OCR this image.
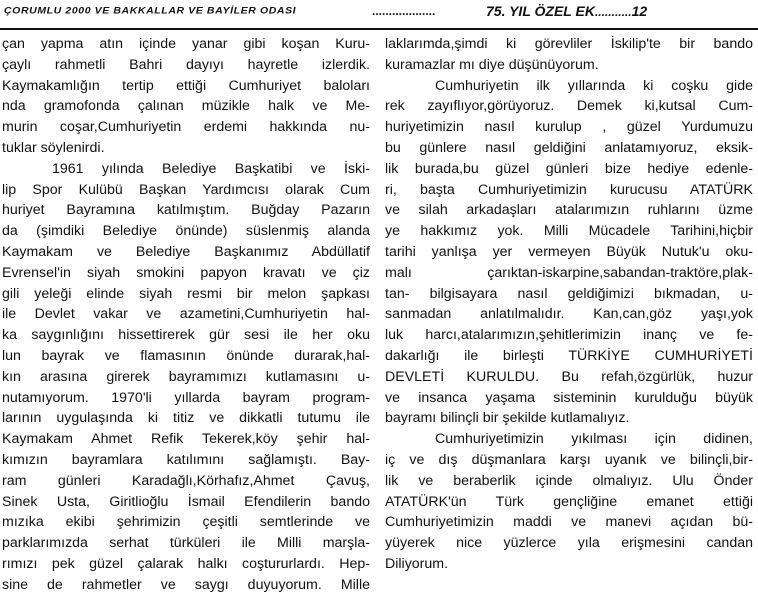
ÇORUMLU 2000 VE BAKKALLAR VE BAYİLER ODASI	...................	75. YIL ÖZEL EK...........12
çan yapma atın içinde yanar gibi koşan Kuru-
çaylı rahmetli Bahri dayıyı hayretle izlerdik.
Kaymakamlığın tertip ettiği Cumhuriyet baloları
nda gramofonda çalınan müzikle halk ve Me-
murin coşar,Cumhuriyetin erdemi hakkında nu-
tuklar söylenirdi.
1961 yılında Belediye Başkatibi ve İski-
lip Spor Kulübü Başkan Yardımcısı olarak Cum
huriyet Bayramına katılmıştım. Buğday Pazarın
da (şimdiki Belediye önünde) süslenmiş alanda
Kaymakam ve Belediye Başkanımız Abdüllatif
Evrensel'in siyah smokini papyon kravatı ve çiz
gili yeleği elinde siyah resmi bir melon şapkası
ile Devlet vakar ve azametini,Cumhuriyetin hal-
ka saygınlığını hissettirerek gür sesi ile her oku
lun bayrak ve flamasının önünde durarak,hal-
kın arasına girerek bayramımızı kutlamasını u-
nutamıyorum. 1970'li yıllarda bayram program-
larının uygulaşında ki titiz ve dikkatli tutumu ile
Kaymakam Ahmet Refik Tekerek,köy şehir hal-
kımızın bayramlara katılımını sağlamıştı. Bay-
ram günleri Karadağlı,Körhafız,Ahmet Çavuş,
Sinek Usta, Giritlioğlu İsmail Efendilerin bando
mızıka ekibi şehrimizin çeşitli semtlerinde ve
parklarımızda serhat türküleri ile Milli marşla-
rımızı pek güzel çalarak halkı coştururlardı. Hep-
sine de rahmetler ve saygı duyuyorum. Mille
laklarımda,şimdi ki görevliler İskilip'te bir bando
kuramazlar mı diye düşünüyorum.
Cumhuriyetin ilk yıllarında ki coşku gide
rek zayıflıyor,görüyoruz. Demek ki,kutsal Cum-
huriyetimizin nasıl kurulup , güzel Yurdumuzu
bu günlere nasıl geldiğini anlatamıyoruz, eksik-
lik burada,bu güzel günleri bize hediye edenle-
ri, başta Cumhuriyetimizin kurucusu ATATÜRK
ve silah arkadaşları atalarımızın ruhlarını üzme
ye hakkımız yok. Milli Mücadele Tarihini,hiçbir
tarihi yanlışa yer vermeyen Büyük Nutuk'u oku-
malı çarıktan-iskarpine,sabandan-traktöre,plak-
tan- bilgisayara nasıl geldiğimizi bıkmadan, u-
sanmadan anlatılmalıdır. Kan,can,göz yaşı,yok
luk harcı,atalarımızın,şehitlerimizin inanç ve fe-
dakarlığı ile birleşti TÜRKİYE CUMHURİYETİ
DEVLETİ KURULDU. Bu refah,özgürlük, huzur
ve insanca yaşama sisteminin kurulduğu büyük
bayramı bilinçli bir şekilde kutlamalıyız.
Cumhuriyetimizin yıkılması için didinen,
iç ve dış düşmanlara karşı uyanık ve bilinçli,bir-
lik ve beraberlik içinde olmalıyız. Ulu Önder
ATATÜRK'ün Türk gençliğine emanet ettiği
Cumhuriyetimizin maddi ve manevi açıdan bü-
yüyerek nice yüzlerce yıla erişmesini candan
Diliyorum.
